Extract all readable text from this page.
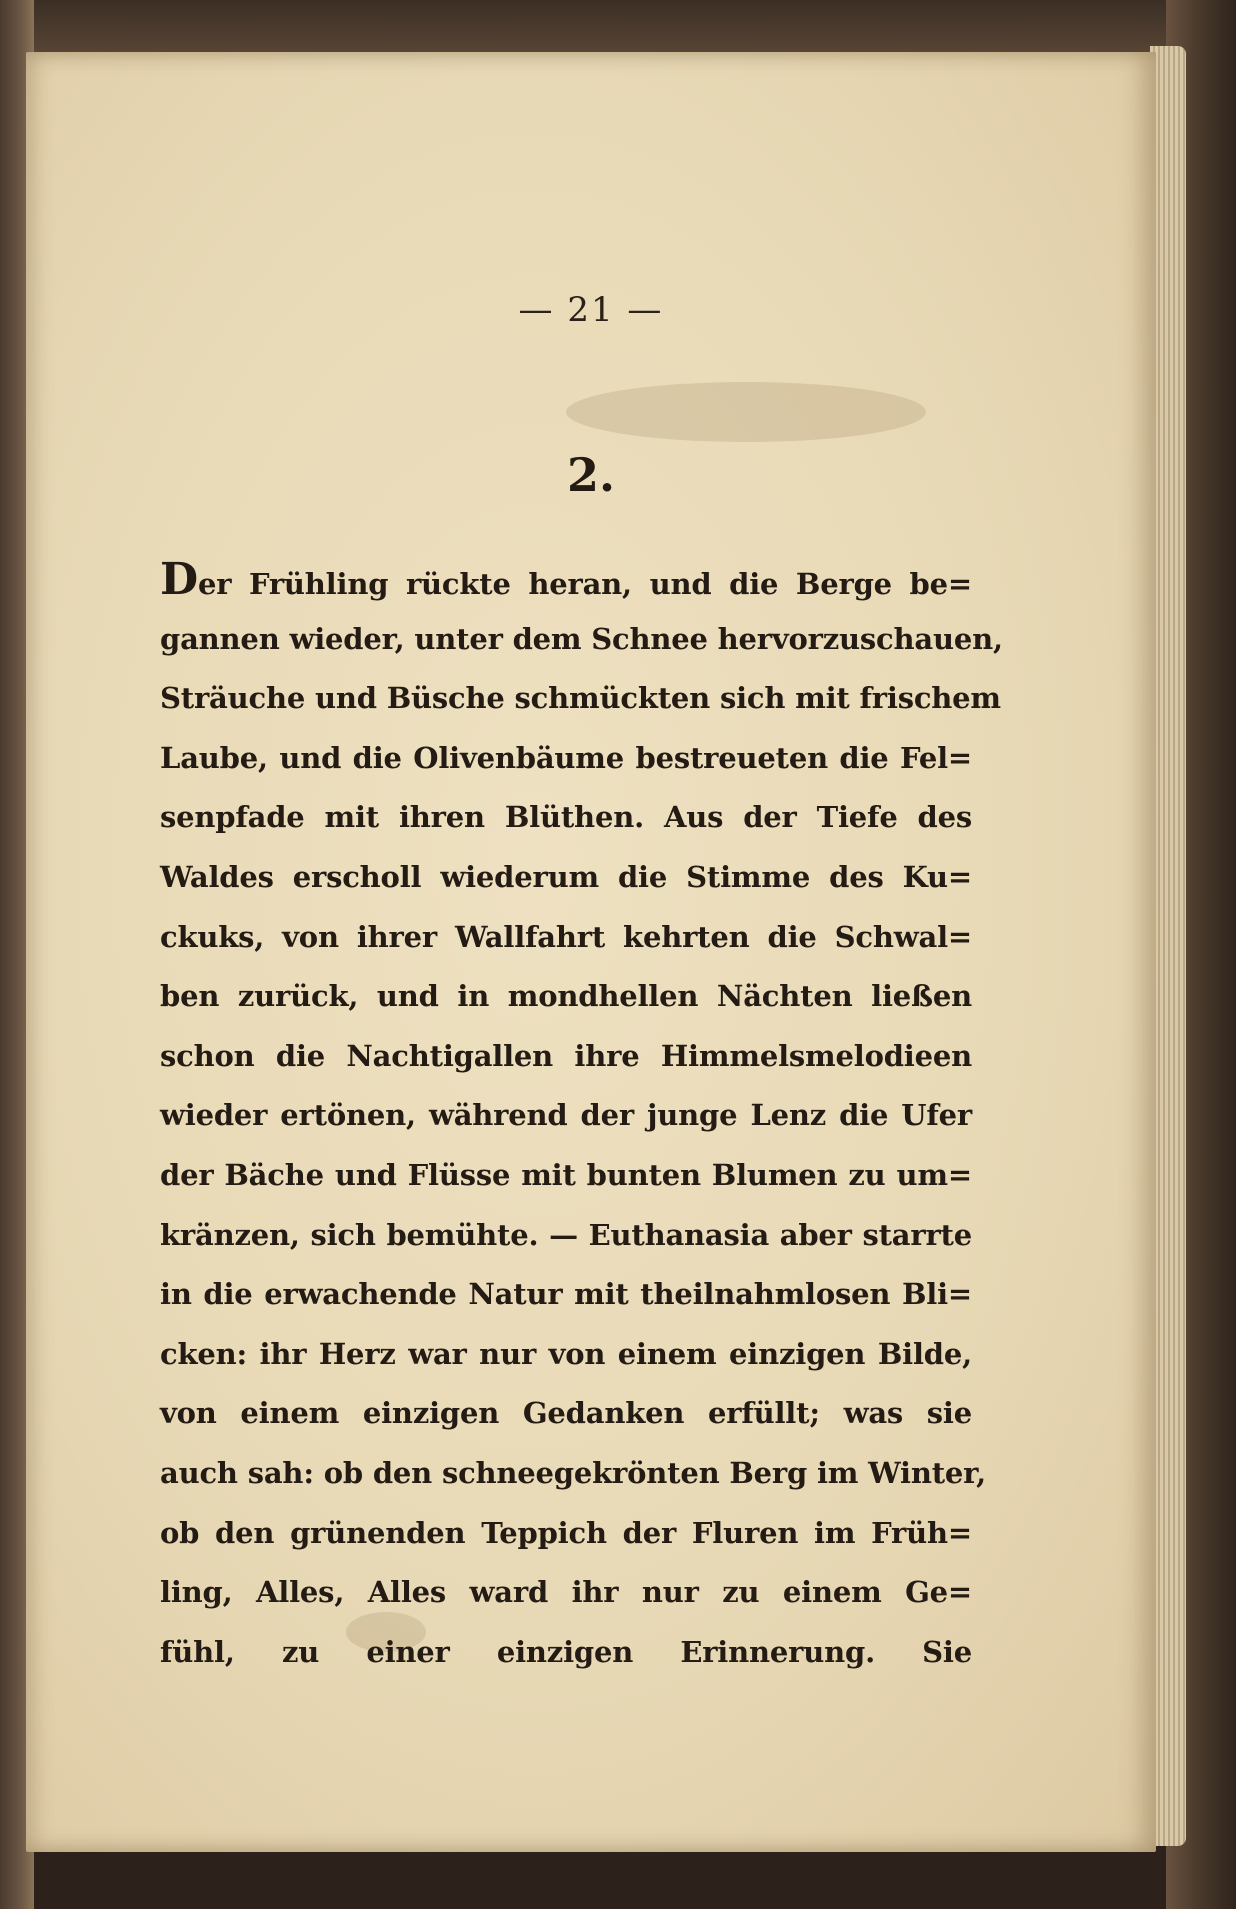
— 21 —
2.
Der Frühling rückte heran, und die Berge be=
gannen wieder, unter dem Schnee hervorzuschauen,
Sträuche und Büsche schmückten sich mit frischem
Laube, und die Olivenbäume bestreueten die Fel=
senpfade mit ihren Blüthen. Aus der Tiefe des
Waldes erscholl wiederum die Stimme des Ku=
ckuks, von ihrer Wallfahrt kehrten die Schwal=
ben zurück, und in mondhellen Nächten ließen
schon die Nachtigallen ihre Himmelsmelodieen
wieder ertönen, während der junge Lenz die Ufer
der Bäche und Flüsse mit bunten Blumen zu um=
kränzen, sich bemühte. — Euthanasia aber starrte
in die erwachende Natur mit theilnahmlosen Bli=
cken: ihr Herz war nur von einem einzigen Bilde,
von einem einzigen Gedanken erfüllt; was sie
auch sah: ob den schneegekrönten Berg im Winter,
ob den grünenden Teppich der Fluren im Früh=
ling, Alles, Alles ward ihr nur zu einem Ge=
fühl, zu einer einzigen Erinnerung. Sie
